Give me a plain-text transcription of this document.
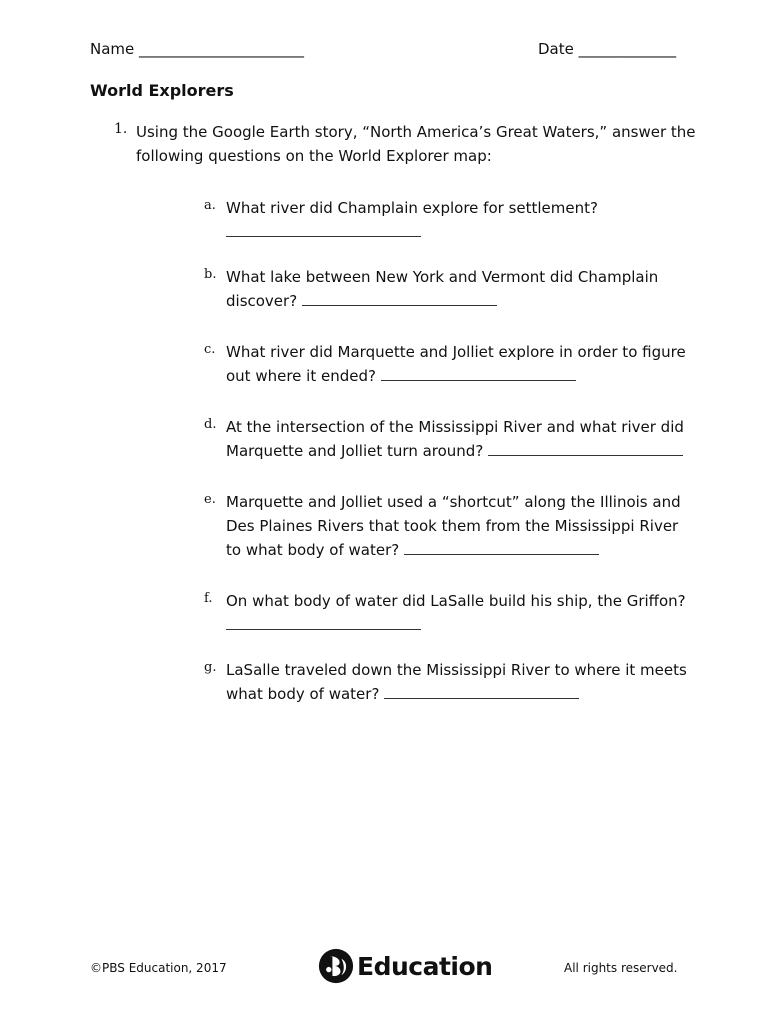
Name ______________________	Date _____________
World Explorers
1. Using the Google Earth story, “North America’s Great Waters,” answer the following questions on the World Explorer map:
a. What river did Champlain explore for settlement?
b. What lake between New York and Vermont did Champlain discover?
c. What river did Marquette and Jolliet explore in order to figure out where it ended?
d. At the intersection of the Mississippi River and what river did Marquette and Jolliet turn around?
e. Marquette and Jolliet used a “shortcut” along the Illinois and Des Plaines Rivers that took them from the Mississippi River to what body of water?
f. On what body of water did LaSalle build his ship, the Griffon?
g. LaSalle traveled down the Mississippi River to where it meets what body of water?
©PBS Education, 2017	Education	All rights reserved.
